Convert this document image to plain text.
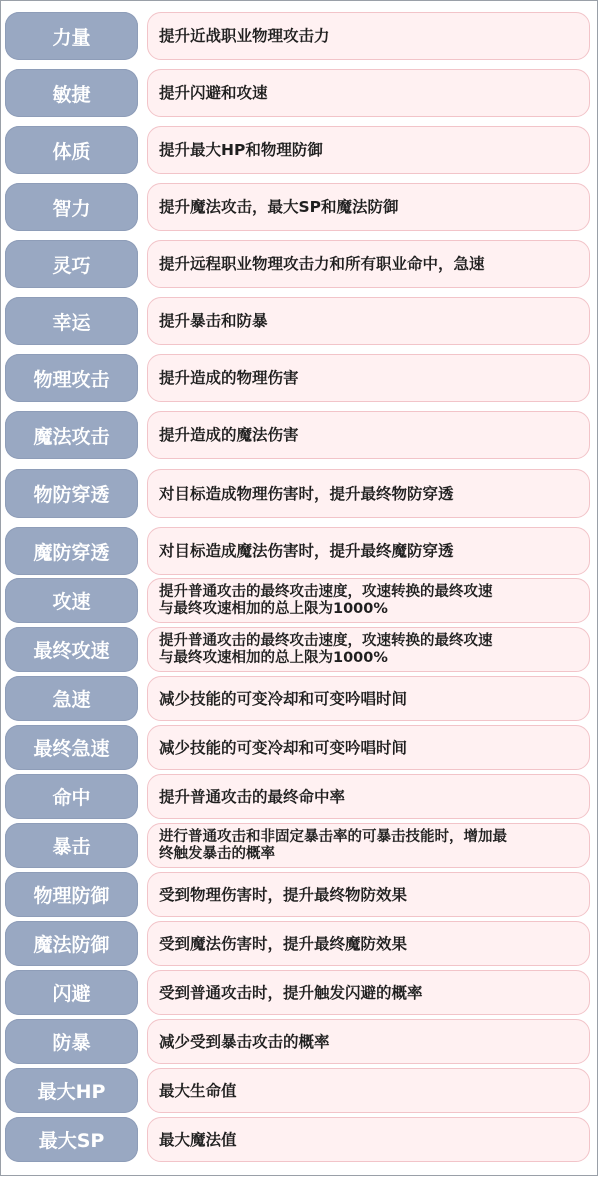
力量	提升近战职业物理攻击力
敏捷	提升闪避和攻速
体质	提升最大HP和物理防御
智力	提升魔法攻击，最大SP和魔法防御
灵巧	提升远程职业物理攻击力和所有职业命中，急速
幸运	提升暴击和防暴
物理攻击	提升造成的物理伤害
魔法攻击	提升造成的魔法伤害
物防穿透	对目标造成物理伤害时，提升最终物防穿透
魔防穿透	对目标造成魔法伤害时，提升最终魔防穿透
攻速	提升普通攻击的最终攻击速度，攻速转换的最终攻速
与最终攻速相加的总上限为1000%
最终攻速	提升普通攻击的最终攻击速度，攻速转换的最终攻速
与最终攻速相加的总上限为1000%
急速	减少技能的可变冷却和可变吟唱时间
最终急速	减少技能的可变冷却和可变吟唱时间
命中	提升普通攻击的最终命中率
暴击	进行普通攻击和非固定暴击率的可暴击技能时，增加最
终触发暴击的概率
物理防御	受到物理伤害时，提升最终物防效果
魔法防御	受到魔法伤害时，提升最终魔防效果
闪避	受到普通攻击时，提升触发闪避的概率
防暴	减少受到暴击攻击的概率
最大HP	最大生命值
最大SP	最大魔法值
